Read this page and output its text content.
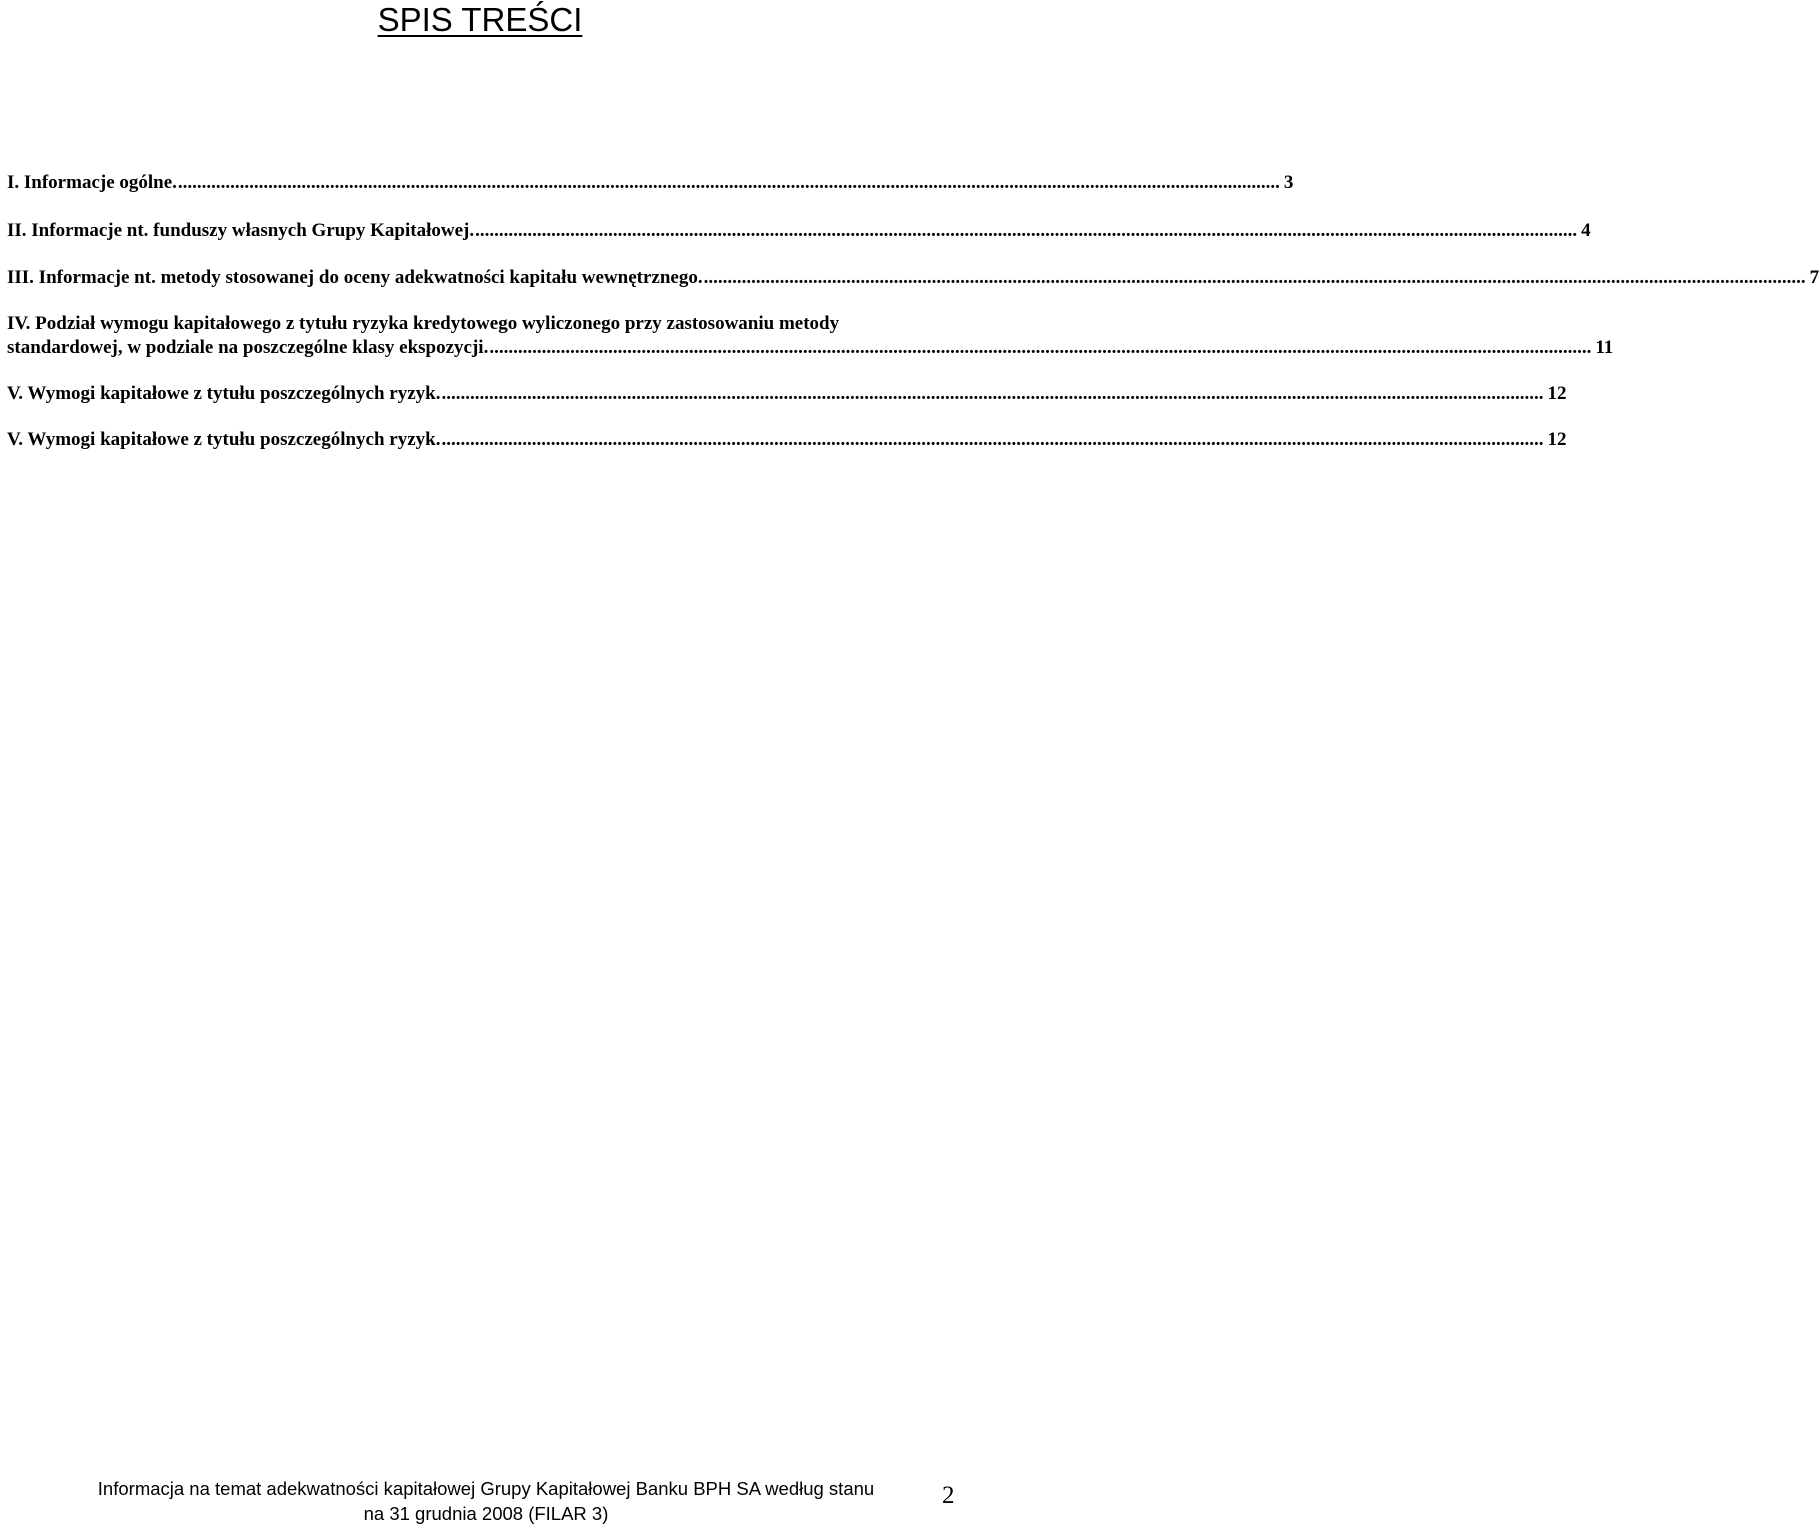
SPIS TREŚCI
I. Informacje ogólne. ........................................................................................................................................................................................................................................ 3
II. Informacje nt. funduszy własnych Grupy Kapitałowej. ........................................................................................................................................................................................................................................ 4
III. Informacje nt. metody stosowanej do oceny adekwatności kapitału wewnętrznego. ........................................................................................................................................................................................................................................ 7
IV. Podział wymogu kapitałowego z tytułu ryzyka kredytowego wyliczonego przy zastosowaniu metody
standardowej, w podziale na poszczególne klasy ekspozycji. ........................................................................................................................................................................................................................................ 11
V. Wymogi kapitałowe z tytułu poszczególnych ryzyk. ........................................................................................................................................................................................................................................ 12
V. Wymogi kapitałowe z tytułu poszczególnych ryzyk. ........................................................................................................................................................................................................................................ 12
Informacja na temat adekwatności kapitałowej Grupy Kapitałowej Banku BPH SA według stanu
na 31 grudnia 2008 (FILAR 3)
2
